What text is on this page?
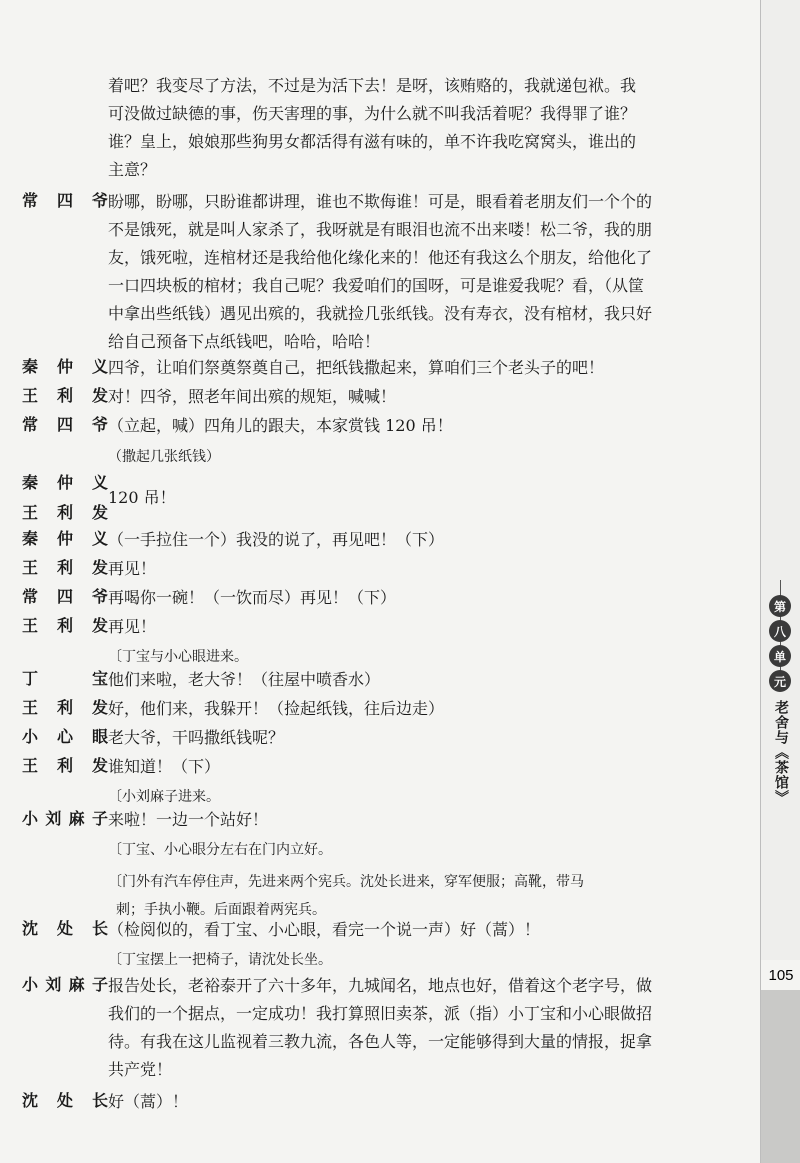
着吧？我变尽了方法，不过是为活下去！是呀，该贿赂的，我就递包袱。我
可没做过缺德的事，伤天害理的事，为什么就不叫我活着呢？我得罪了谁？
谁？皇上，娘娘那些狗男女都活得有滋有味的，单不许我吃窝窝头，谁出的
主意？
常 四 爷 盼哪，盼哪，只盼谁都讲理，谁也不欺侮谁！可是，眼看着老朋友们一个个的
不是饿死，就是叫人家杀了，我呀就是有眼泪也流不出来喽！松二爷，我的朋
友，饿死啦，连棺材还是我给他化缘化来的！他还有我这么个朋友，给他化了
一口四块板的棺材；我自己呢？我爱咱们的国呀，可是谁爱我呢？看，（从筐
中拿出些纸钱）遇见出殡的，我就捡几张纸钱。没有寿衣，没有棺材，我只好
给自己预备下点纸钱吧，哈哈，哈哈！
秦 仲 义 四爷，让咱们祭奠祭奠自己，把纸钱撒起来，算咱们三个老头子的吧！
王 利 发 对！四爷，照老年间出殡的规矩，喊喊！
常 四 爷 （立起，喊）四角儿的跟夫，本家赏钱 120 吊！
（撒起几张纸钱）
秦 仲 义
王 利 发
120 吊！
秦 仲 义 （一手拉住一个）我没的说了，再见吧！（下）
王 利 发 再见！
常 四 爷 再喝你一碗！（一饮而尽）再见！（下）
王 利 发 再见！
〔丁宝与小心眼进来。
丁	宝 他们来啦，老大爷！（往屋中喷香水）
王 利 发 好，他们来，我躲开！（捡起纸钱，往后边走）
小 心 眼 老大爷，干吗撒纸钱呢？
王 利 发 谁知道！（下）
〔小刘麻子进来。
小 刘 麻 子 来啦！一边一个站好！
〔丁宝、小心眼分左右在门内立好。
〔门外有汽车停住声，先进来两个宪兵。沈处长进来，穿军便服；高靴，带马
刺；手执小鞭。后面跟着两宪兵。
沈 处 长 （检阅似的，看丁宝、小心眼，看完一个说一声）好（蒿）！
〔丁宝摆上一把椅子，请沈处长坐。
小 刘 麻 子 报告处长，老裕泰开了六十多年，九城闻名，地点也好，借着这个老字号，做
我们的一个据点，一定成功！我打算照旧卖茶，派（指）小丁宝和小心眼做招
待。有我在这儿监视着三教九流，各色人等，一定能够得到大量的情报，捉拿
共产党！
沈 处 长 好（蒿）！
第
八
单
元
老舍与《茶馆》
105
